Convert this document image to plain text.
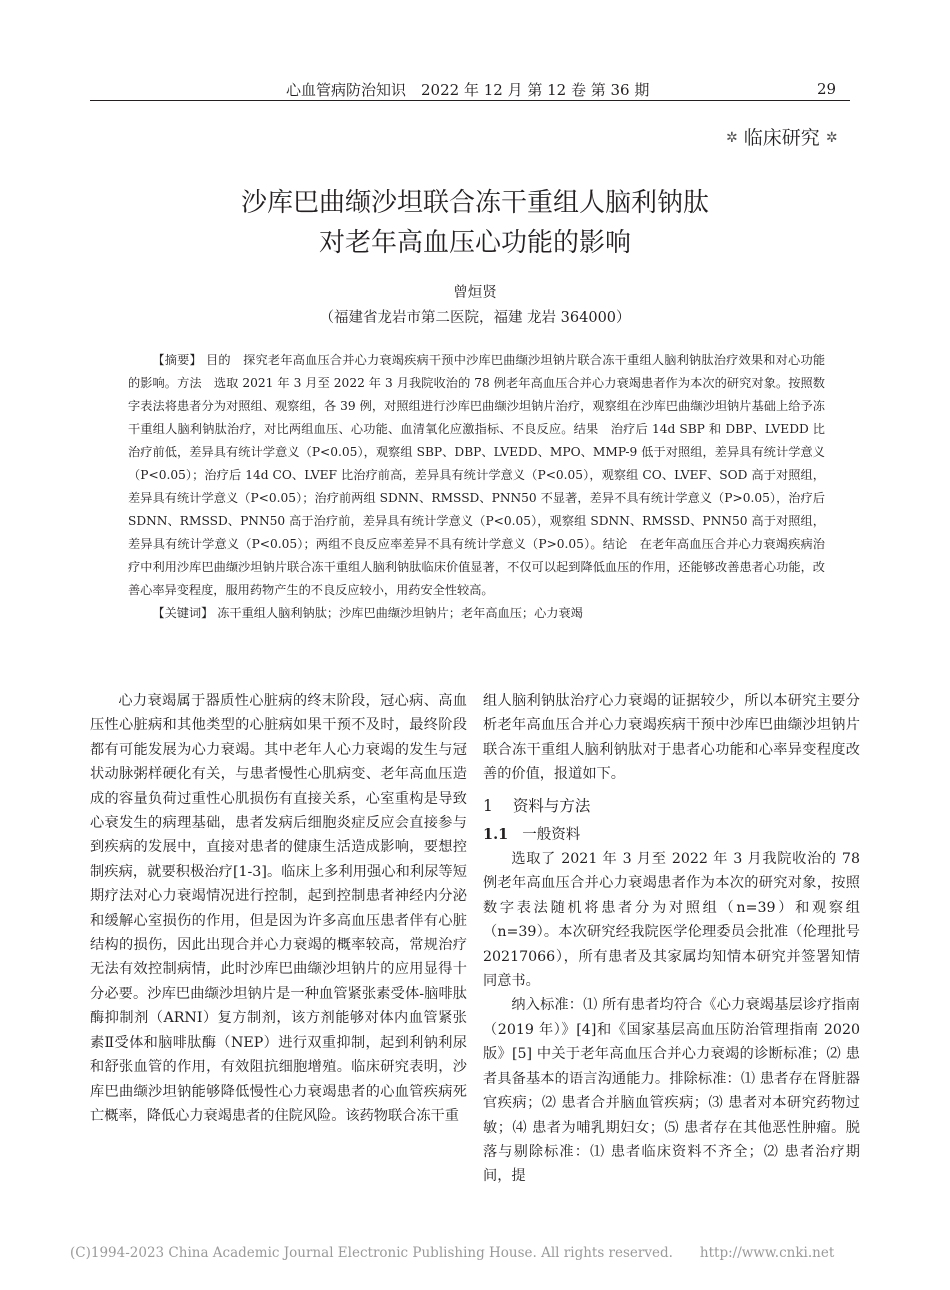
心血管病防治知识　2022 年 12 月 第 12 卷 第 36 期	29
✲ 临床研究 ✲
沙库巴曲缬沙坦联合冻干重组人脑利钠肽
对老年高血压心功能的影响
曾烜贤
（福建省龙岩市第二医院，福建 龙岩 364000）

【摘要】 目的　探究老年高血压合并心力衰竭疾病干预中沙库巴曲缬沙坦钠片联合冻干重组人脑利钠肽治疗效果和对心功能的影响。方法　选取 2021 年 3 月至 2022 年 3 月我院收治的 78 例老年高血压合并心力衰竭患者作为本次的研究对象。按照数字表法将患者分为对照组、观察组，各 39 例，对照组进行沙库巴曲缬沙坦钠片治疗，观察组在沙库巴曲缬沙坦钠片基础上给予冻干重组人脑利钠肽治疗，对比两组血压、心功能、血清氧化应激指标、不良反应。结果　治疗后 14d SBP 和 DBP、LVEDD 比治疗前低，差异具有统计学意义（P<0.05），观察组 SBP、DBP、LVEDD、MPO、MMP-9 低于对照组，差异具有统计学意义（P<0.05）；治疗后 14d CO、LVEF 比治疗前高，差异具有统计学意义（P<0.05），观察组 CO、LVEF、SOD 高于对照组，差异具有统计学意义（P<0.05）；治疗前两组 SDNN、RMSSD、PNN50 不显著，差异不具有统计学意义（P>0.05），治疗后 SDNN、RMSSD、PNN50 高于治疗前，差异具有统计学意义（P<0.05），观察组 SDNN、RMSSD、PNN50 高于对照组，差异具有统计学意义（P<0.05）；两组不良反应率差异不具有统计学意义（P>0.05）。结论　在老年高血压合并心力衰竭疾病治疗中利用沙库巴曲缬沙坦钠片联合冻干重组人脑利钠肽临床价值显著，不仅可以起到降低血压的作用，还能够改善患者心功能，改善心率异变程度，服用药物产生的不良反应较小，用药安全性较高。

【关键词】 冻干重组人脑利钠肽；沙库巴曲缬沙坦钠片；老年高血压；心力衰竭

心力衰竭属于器质性心脏病的终末阶段，冠心病、高血压性心脏病和其他类型的心脏病如果干预不及时，最终阶段都有可能发展为心力衰竭。其中老年人心力衰竭的发生与冠状动脉粥样硬化有关，与患者慢性心肌病变、老年高血压造成的容量负荷过重性心肌损伤有直接关系，心室重构是导致心衰发生的病理基础，患者发病后细胞炎症反应会直接参与到疾病的发展中，直接对患者的健康生活造成影响，要想控制疾病，就要积极治疗[1-3]。临床上多利用强心和利尿等短期疗法对心力衰竭情况进行控制，起到控制患者神经内分泌和缓解心室损伤的作用，但是因为许多高血压患者伴有心脏结构的损伤，因此出现合并心力衰竭的概率较高，常规治疗无法有效控制病情，此时沙库巴曲缬沙坦钠片的应用显得十分必要。沙库巴曲缬沙坦钠片是一种血管紧张素受体-脑啡肽酶抑制剂（ARNI）复方制剂，该方剂能够对体内血管紧张素Ⅱ受体和脑啡肽酶（NEP）进行双重抑制，起到利钠利尿和舒张血管的作用，有效阻抗细胞增殖。临床研究表明，沙库巴曲缬沙坦钠能够降低慢性心力衰竭患者的心血管疾病死亡概率，降低心力衰竭患者的住院风险。该药物联合冻干重

组人脑利钠肽治疗心力衰竭的证据较少，所以本研究主要分析老年高血压合并心力衰竭疾病干预中沙库巴曲缬沙坦钠片联合冻干重组人脑利钠肽对于患者心功能和心率异变程度改善的价值，报道如下。

1 资料与方法
1.1 一般资料

选取了 2021 年 3 月至 2022 年 3 月我院收治的 78 例老年高血压合并心力衰竭患者作为本次的研究对象，按照数字表法随机将患者分为对照组（n=39）和观察组（n=39）。本次研究经我院医学伦理委员会批准（伦理批号 20217066），所有患者及其家属均知情本研究并签署知情同意书。

纳入标准：⑴ 所有患者均符合《心力衰竭基层诊疗指南（2019 年）》[4]和《国家基层高血压防治管理指南 2020 版》[5] 中关于老年高血压合并心力衰竭的诊断标准；⑵ 患者具备基本的语言沟通能力。排除标准：⑴ 患者存在肾脏器官疾病；⑵ 患者合并脑血管疾病；⑶ 患者对本研究药物过敏；⑷ 患者为哺乳期妇女；⑸ 患者存在其他恶性肿瘤。脱落与剔除标准：⑴ 患者临床资料不齐全；⑵ 患者治疗期间，提

(C)1994-2023 China Academic Journal Electronic Publishing House. All rights reserved.　　http://www.cnki.net
